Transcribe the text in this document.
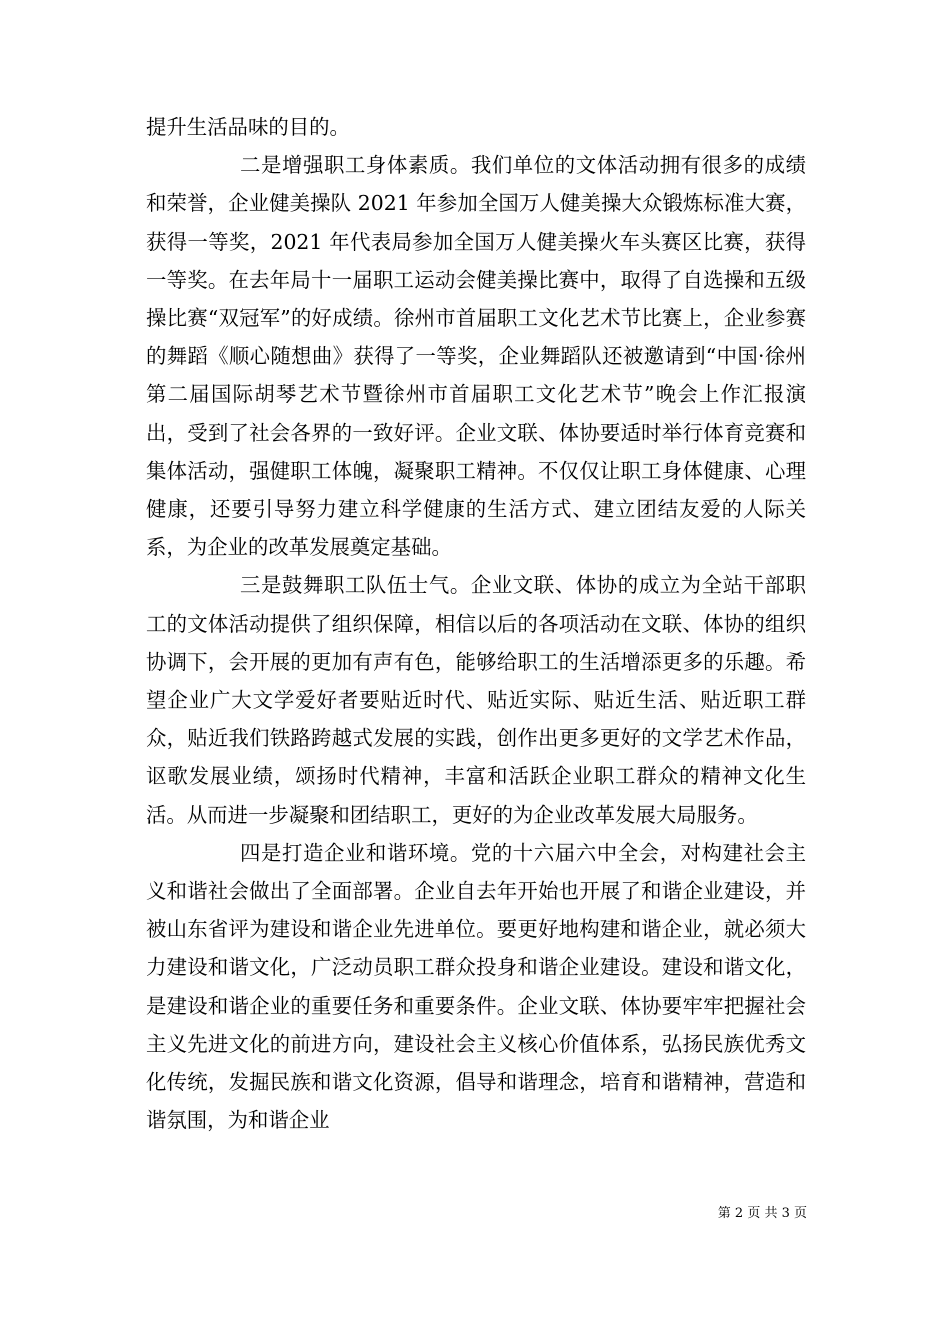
提升生活品味的目的。

二是增强职工身体素质。我们单位的文体活动拥有很多的成绩和荣誉，企业健美操队 2021 年参加全国万人健美操大众锻炼标准大赛，获得一等奖，2021 年代表局参加全国万人健美操火车头赛区比赛，获得一等奖。在去年局十一届职工运动会健美操比赛中，取得了自选操和五级操比赛“双冠军”的好成绩。徐州市首届职工文化艺术节比赛上，企业参赛的舞蹈《顺心随想曲》获得了一等奖，企业舞蹈队还被邀请到“中国·徐州第二届国际胡琴艺术节暨徐州市首届职工文化艺术节”晚会上作汇报演出，受到了社会各界的一致好评。企业文联、体协要适时举行体育竞赛和集体活动，强健职工体魄，凝聚职工精神。不仅仅让职工身体健康、心理健康，还要引导努力建立科学健康的生活方式、建立团结友爱的人际关系，为企业的改革发展奠定基础。

三是鼓舞职工队伍士气。企业文联、体协的成立为全站干部职工的文体活动提供了组织保障，相信以后的各项活动在文联、体协的组织协调下，会开展的更加有声有色，能够给职工的生活增添更多的乐趣。希望企业广大文学爱好者要贴近时代、贴近实际、贴近生活、贴近职工群众，贴近我们铁路跨越式发展的实践，创作出更多更好的文学艺术作品，讴歌发展业绩，颂扬时代精神，丰富和活跃企业职工群众的精神文化生活。从而进一步凝聚和团结职工，更好的为企业改革发展大局服务。

四是打造企业和谐环境。党的十六届六中全会，对构建社会主义和谐社会做出了全面部署。企业自去年开始也开展了和谐企业建设，并被山东省评为建设和谐企业先进单位。要更好地构建和谐企业，就必须大力建设和谐文化，广泛动员职工群众投身和谐企业建设。建设和谐文化，是建设和谐企业的重要任务和重要条件。企业文联、体协要牢牢把握社会主义先进文化的前进方向，建设社会主义核心价值体系，弘扬民族优秀文化传统，发掘民族和谐文化资源，倡导和谐理念，培育和谐精神，营造和谐氛围，为和谐企业

第 2 页 共 3 页
